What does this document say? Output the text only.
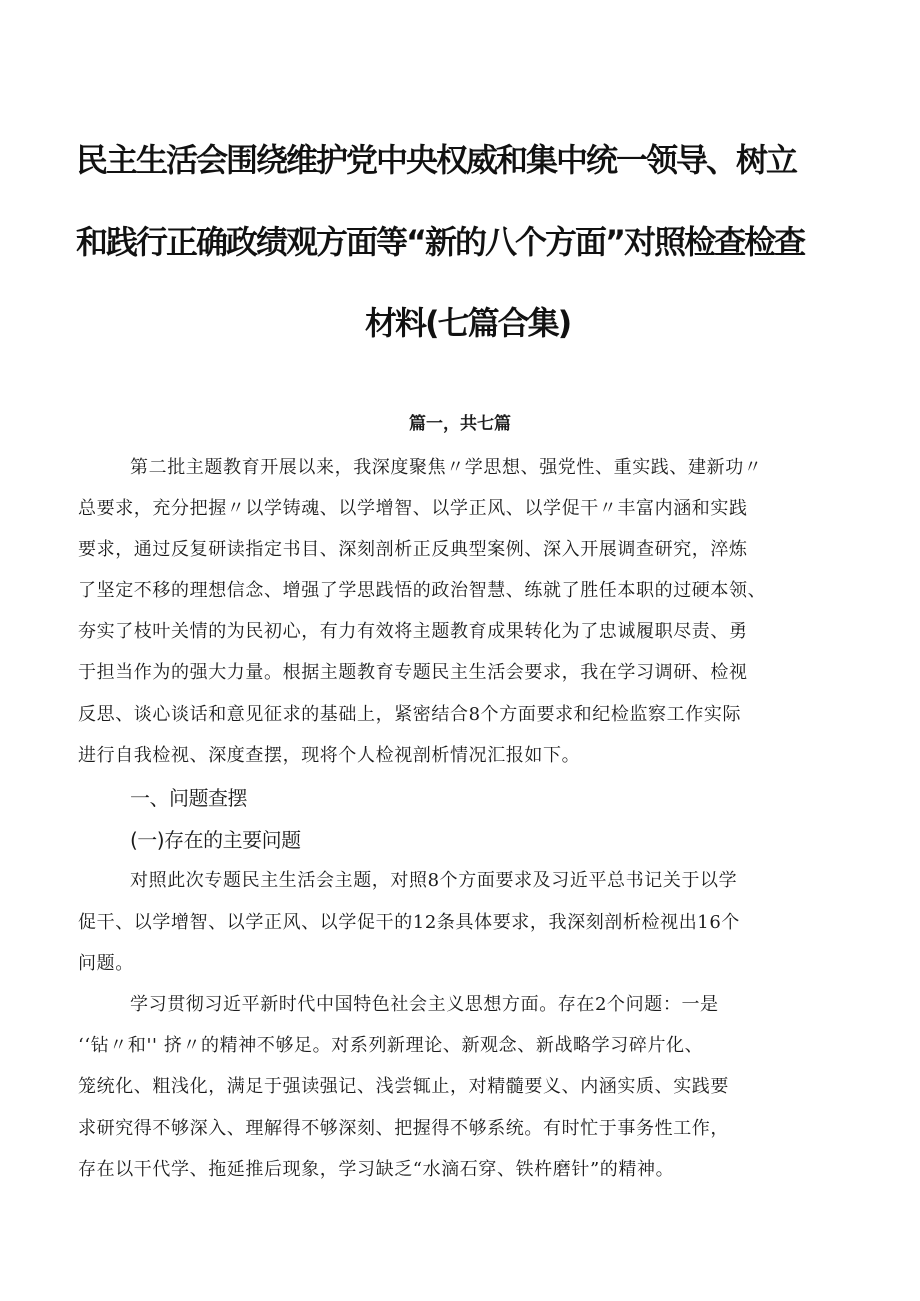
民主生活会围绕维护党中央权威和集中统一领导、树立
和践行正确政绩观方面等“新的八个方面”对照检查检查
材料(七篇合集)
篇一，共七篇
第二批主题教育开展以来，我深度聚焦〃学思想、强党性、重实践、建新功〃
总要求，充分把握〃以学铸魂、以学增智、以学正风、以学促干〃丰富内涵和实践
要求，通过反复研读指定书目、深刻剖析正反典型案例、深入开展调查研究，淬炼
了坚定不移的理想信念、增强了学思践悟的政治智慧、练就了胜任本职的过硬本领、
夯实了枝叶关情的为民初心，有力有效将主题教育成果转化为了忠诚履职尽责、勇
于担当作为的强大力量。根据主题教育专题民主生活会要求，我在学习调研、检视
反思、谈心谈话和意见征求的基础上，紧密结合8个方面要求和纪检监察工作实际
进行自我检视、深度查摆，现将个人检视剖析情况汇报如下。
一、问题查摆
(一)存在的主要问题
对照此次专题民主生活会主题，对照8个方面要求及习近平总书记关于以学
促干、以学增智、以学正风、以学促干的12条具体要求，我深刻剖析检视出16个
问题。
学习贯彻习近平新时代中国特色社会主义思想方面。存在2个问题：一是
‘‘钻〃和'' 挤〃的精神不够足。对系列新理论、新观念、新战略学习碎片化、
笼统化、粗浅化，满足于强读强记、浅尝辄止，对精髓要义、内涵实质、实践要
求研究得不够深入、理解得不够深刻、把握得不够系统。有时忙于事务性工作，
存在以干代学、拖延推后现象，学习缺乏“水滴石穿、铁杵磨针”的精神。
